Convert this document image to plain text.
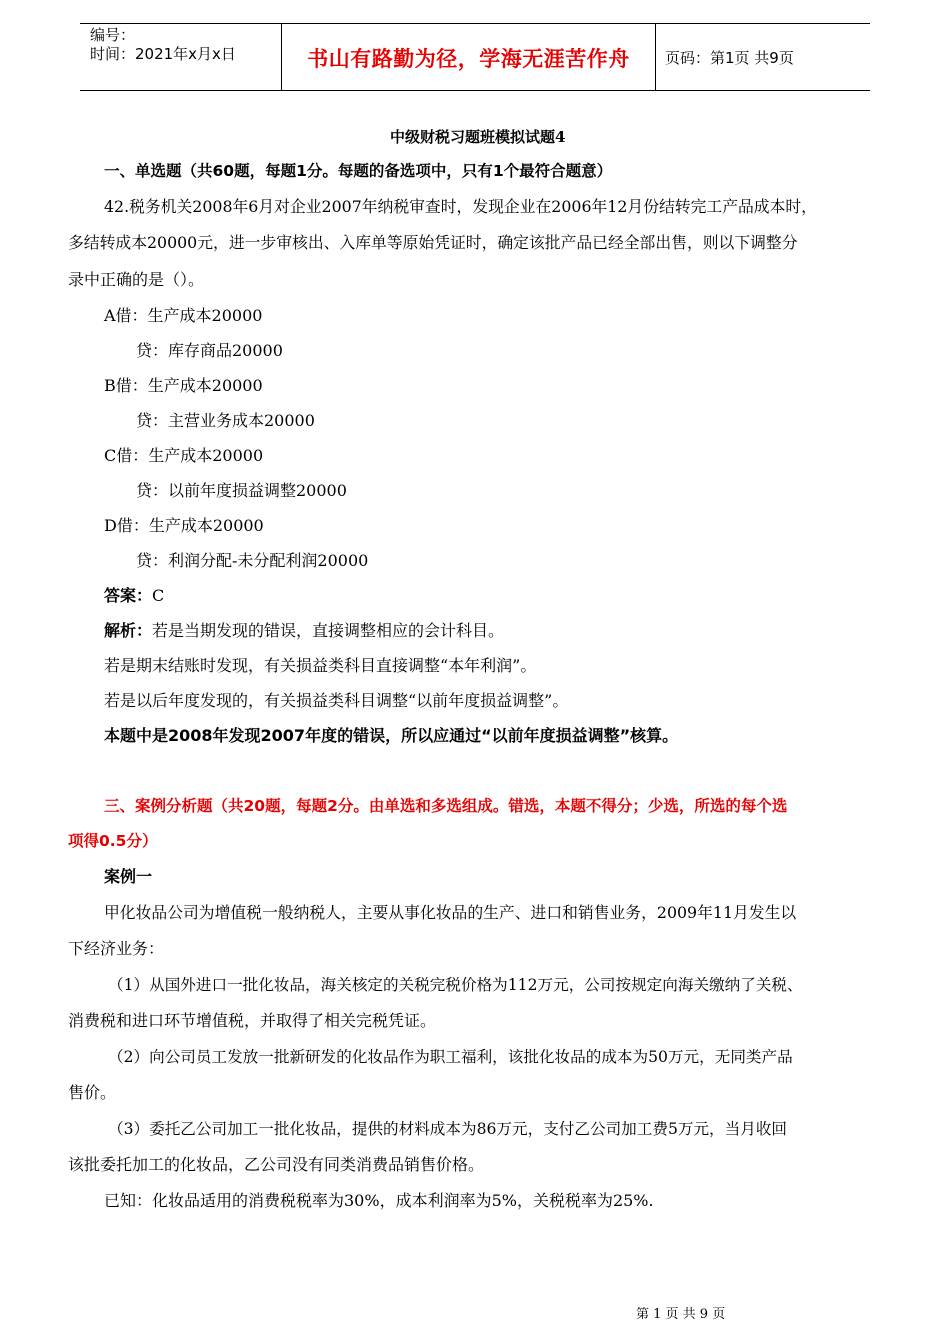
编号：
时间：2021年x月x日	书山有路勤为径，学海无涯苦作舟	页码：第1页 共9页
中级财税习题班模拟试题4
一、单选题（共60题，每题1分。每题的备选项中，只有1个最符合题意）
42.税务机关2008年6月对企业2007年纳税审查时，发现企业在2006年12月份结转完工产品成本时，
多结转成本20000元，进一步审核出、入库单等原始凭证时，确定该批产品已经全部出售，则以下调整分
录中正确的是（）。
A借：生产成本20000
贷：库存商品20000
B借：生产成本20000
贷：主营业务成本20000
C借：生产成本20000
贷：以前年度损益调整20000
D借：生产成本20000
贷：利润分配-未分配利润20000
答案：C
解析：若是当期发现的错误，直接调整相应的会计科目。
若是期末结账时发现，有关损益类科目直接调整“本年利润”。
若是以后年度发现的，有关损益类科目调整“以前年度损益调整”。
本题中是2008年发现2007年度的错误，所以应通过“以前年度损益调整”核算。
三、案例分析题（共20题，每题2分。由单选和多选组成。错选，本题不得分；少选，所选的每个选
项得0.5分）
案例一
甲化妆品公司为增值税一般纳税人，主要从事化妆品的生产、进口和销售业务，2009年11月发生以
下经济业务：
（1）从国外进口一批化妆品，海关核定的关税完税价格为112万元，公司按规定向海关缴纳了关税、
消费税和进口环节增值税，并取得了相关完税凭证。
（2）向公司员工发放一批新研发的化妆品作为职工福利，该批化妆品的成本为50万元，无同类产品
售价。
（3）委托乙公司加工一批化妆品，提供的材料成本为86万元，支付乙公司加工费5万元，当月收回
该批委托加工的化妆品，乙公司没有同类消费品销售价格。
已知：化妆品适用的消费税税率为30%，成本利润率为5%，关税税率为25%.
第 1 页 共 9 页
